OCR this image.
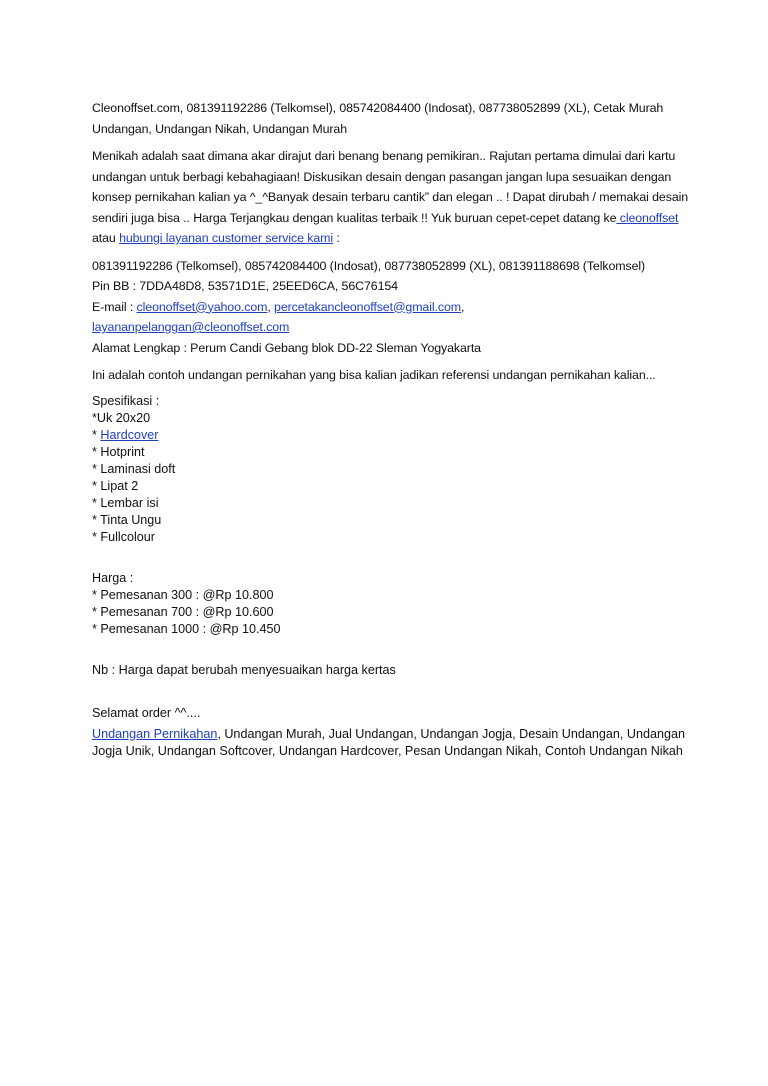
Cleonoffset.com, 081391192286 (Telkomsel), 085742084400 (Indosat), 087738052899 (XL), Cetak Murah Undangan, Undangan Nikah, Undangan Murah

Menikah adalah saat dimana akar dirajut dari benang benang pemikiran.. Rajutan pertama dimulai dari kartu undangan untuk berbagi kebahagiaan! Diskusikan desain dengan pasangan jangan lupa sesuaikan dengan konsep pernikahan kalian ya ^_^Banyak desain terbaru cantik” dan elegan .. ! Dapat dirubah / memakai desain sendiri juga bisa .. Harga Terjangkau dengan kualitas terbaik !! Yuk buruan cepet-cepet datang ke cleonoffset atau hubungi layanan customer service kami :

081391192286 (Telkomsel), 085742084400 (Indosat), 087738052899 (XL), 081391188698 (Telkomsel)

Pin BB : 7DDA48D8, 53571D1E, 25EED6CA, 56C76154

E-mail : cleonoffset@yahoo.com, percetakancleonoffset@gmail.com,
layananpelanggan@cleonoffset.com

Alamat Lengkap : Perum Candi Gebang blok DD-22 Sleman Yogyakarta

Ini adalah contoh undangan pernikahan yang bisa kalian jadikan referensi undangan pernikahan kalian...

Spesifikasi :

*Uk 20x20

* Hardcover

* Hotprint

* Laminasi doft

* Lipat 2

* Lembar isi

* Tinta Ungu

* Fullcolour

Harga :

* Pemesanan 300 : @Rp 10.800

* Pemesanan 700 : @Rp 10.600

* Pemesanan 1000 : @Rp 10.450

Nb : Harga dapat berubah menyesuaikan harga kertas

Selamat order ^^....

Undangan Pernikahan, Undangan Murah, Jual Undangan, Undangan Jogja, Desain Undangan, Undangan Jogja Unik, Undangan Softcover, Undangan Hardcover, Pesan Undangan Nikah, Contoh Undangan Nikah
